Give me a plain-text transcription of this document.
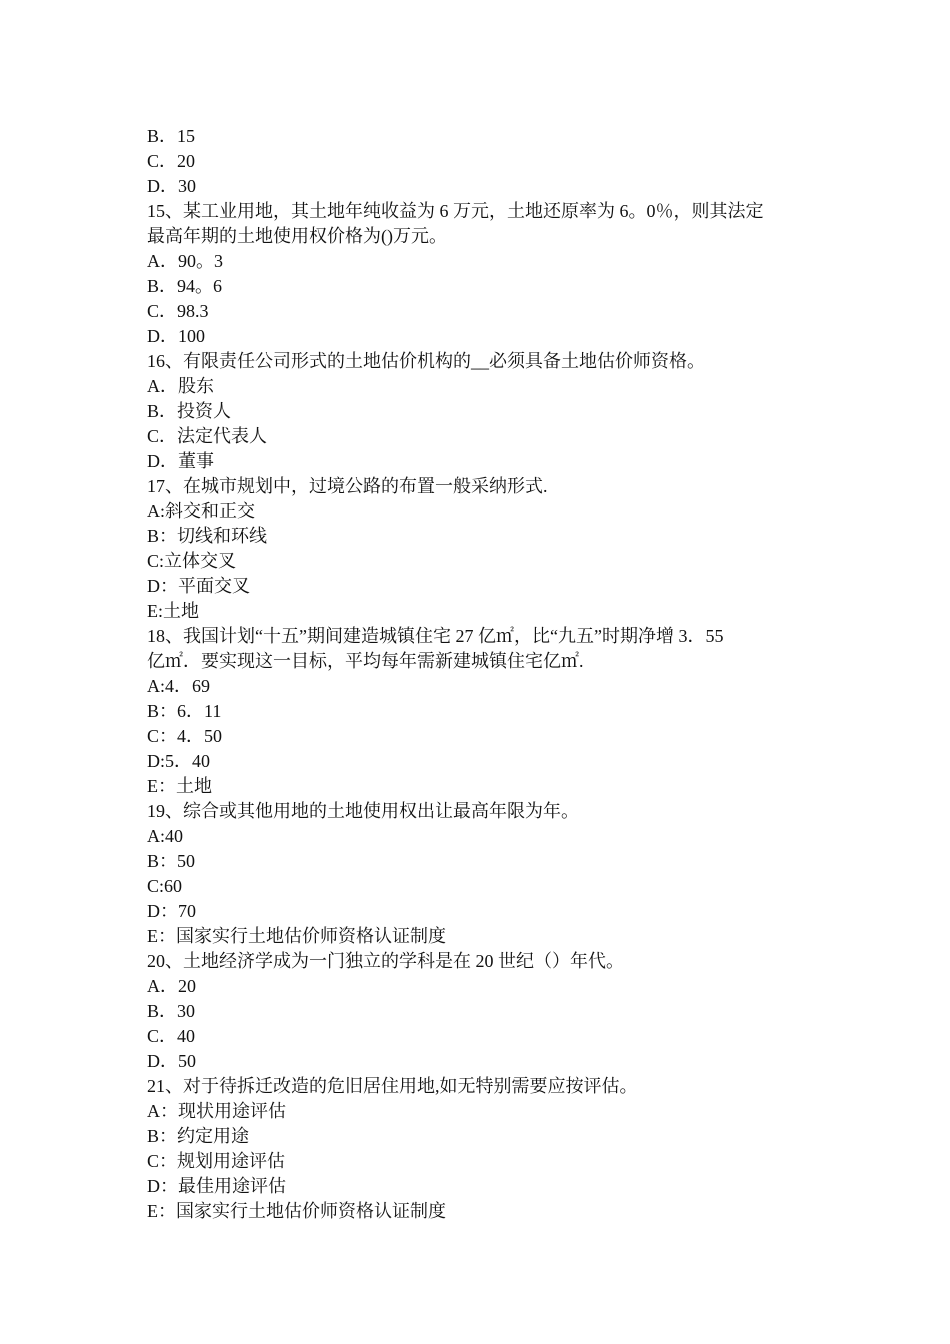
B．15
C．20
D．30
15、某工业用地，其土地年纯收益为 6 万元，土地还原率为 6。0％，则其法定
最高年期的土地使用权价格为()万元。
A．90。3
B．94。6
C．98.3
D．100
16、有限责任公司形式的土地估价机构的__必须具备土地估价师资格。
A．股东
B．投资人
C．法定代表人
D．董事
17、在城市规划中，过境公路的布置一般采纳形式.
A:斜交和正交
B：切线和环线
C:立体交叉
D：平面交叉
E:土地
18、我国计划“十五”期间建造城镇住宅 27 亿㎡，比“九五”时期净增 3．55
亿㎡．要实现这一目标，平均每年需新建城镇住宅亿㎡.
A:4．69
B：6．11
C：4．50
D:5．40
E：土地
19、综合或其他用地的土地使用权出让最高年限为年。
A:40
B：50
C:60
D：70
E：国家实行土地估价师资格认证制度
20、土地经济学成为一门独立的学科是在 20 世纪（）年代。
A．20
B．30
C．40
D．50
21、对于待拆迁改造的危旧居住用地,如无特别需要应按评估。
A：现状用途评估
B：约定用途
C：规划用途评估
D：最佳用途评估
E：国家实行土地估价师资格认证制度
